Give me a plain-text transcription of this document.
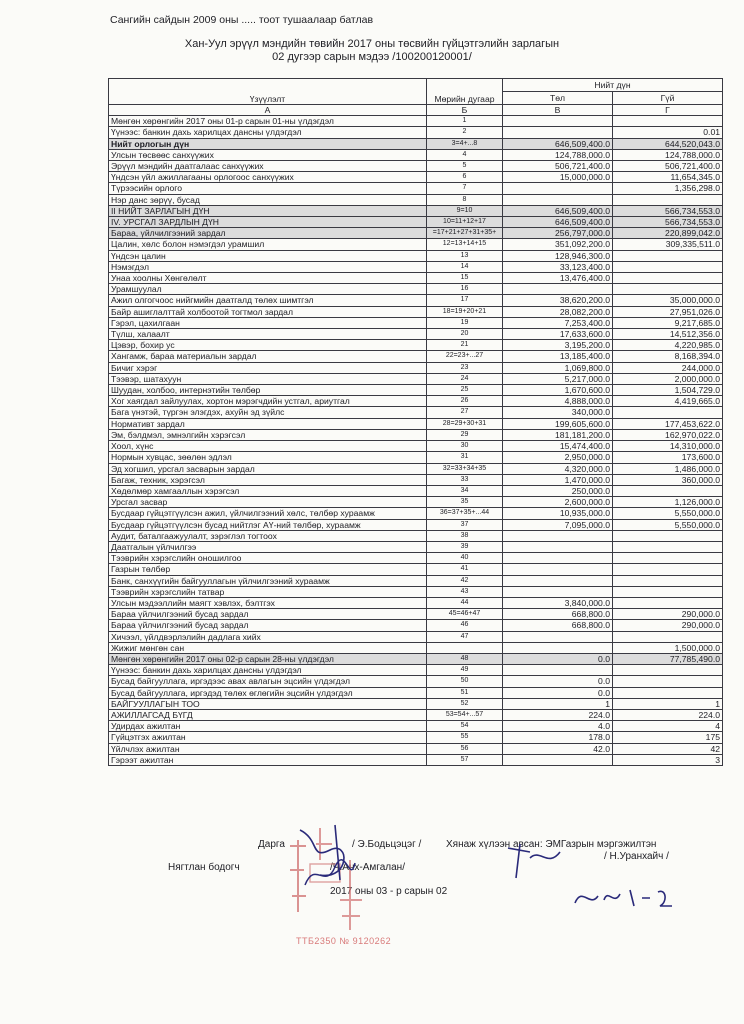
Сангийн сайдын 2009 оны ..... тоот тушаалаар батлав
Хан-Уул эрүүл мэндийн төвийн 2017 оны төсвийн гүйцэтгэлийн зарлагын
02 дугээр сарын мэдээ /100200120001/
Үзүүлэлт	Мөрийн дугаар	Нийт дүн	
		Төл	Гүй
А	Б	В	Г
Мөнгөн хөрөнгийн 2017 оны 01-р сарын 01-ны үлдэгдэл	1		
Үүнээс: банкин дахь харилцах дансны үлдэгдэл	2		0.01
Нийт орлогын дүн	3=4+...8	646,509,400.0	644,520,043.0
Улсын төсвөөс санхүүжих	4	124,788,000.0	124,788,000.0
Эрүүл мэндийн даатгалаас санхүүжих	5	506,721,400.0	506,721,400.0
Үндсэн үйл ажиллагааны орлогоос санхүүжих	6	15,000,000.0	11,654,345.0
Түрээсийн орлого	7		1,356,298.0
Нэр данс зөрүү, бусад	8		
II НИЙТ ЗАРЛАГЫН ДҮН	9=10	646,509,400.0	566,734,553.0
IV. УРСГАЛ ЗАРДЛЫН ДҮН	10=11+12+17	646,509,400.0	566,734,553.0
Бараа, үйлчилгээний зардал	=17+21+27+31+35+	256,797,000.0	220,899,042.0
Цалин, хөлс болон нэмэгдэл урамшил	12=13+14+15	351,092,200.0	309,335,511.0
Үндсэн цалин	13	128,946,300.0	
Нэмэгдэл	14	33,123,400.0	
Унаа хоолны Хөнгөлөлт	15	13,476,400.0	
Урамшуулал	16		
Ажил олгогчоос нийгмийн даатгалд төлөх шимтгэл	17	38,620,200.0	35,000,000.0
Байр ашиглалттай холбоотой тогтмол зардал	18=19+20+21	28,082,200.0	27,951,026.0
Гэрэл, цахилгаан	19	7,253,400.0	9,217,685.0
Түлш, халаалт	20	17,633,600.0	14,512,356.0
Цэвэр, бохир ус	21	3,195,200.0	4,220,985.0
Хангамж, бараа материалын зардал	22=23+...27	13,185,400.0	8,168,394.0
Бичиг хэрэг	23	1,069,800.0	244,000.0
Тээвэр, шатахуун	24	5,217,000.0	2,000,000.0
Шуудан, холбоо, интернэтийн төлбөр	25	1,670,600.0	1,504,729.0
Хог хаягдал зайлуулах, хортон мэрэгчдийн устгал, ариутгал	26	4,888,000.0	4,419,665.0
Бага үнэтэй, түргэн элэгдэх, ахуйн эд зүйлс	27	340,000.0	
Нормативт зардал	28=29+30+31	199,605,600.0	177,453,622.0
Эм, бэлдмэл, эмнэлгийн хэрэгсэл	29	181,181,200.0	162,970,022.0
Хоол, хүнс	30	15,474,400.0	14,310,000.0
Нормын хувцас, зөөлөн эдлэл	31	2,950,000.0	173,600.0
Эд хогшил, урсгал засварын зардал	32=33+34+35	4,320,000.0	1,486,000.0
Багаж, техник, хэрэгсэл	33	1,470,000.0	360,000.0
Хөдөлмөр хамгааллын хэрэгсэл	34	250,000.0	
Урсгал засвар	35	2,600,000.0	1,126,000.0
Бусдаар гүйцэтгүүлсэн ажил, үйлчилгээний хөлс, төлбөр хураамж	36=37+35+...44	10,935,000.0	5,550,000.0
Бусдаар гүйцэтгүүлсэн бусад нийтлэг АҮ-ний төлбөр, хураамж	37	7,095,000.0	5,550,000.0
Аудит, баталгаажуулалт, зэрэглэл тогтоох	38		
Даатгалын үйлчилгээ	39		
Тээврийн хэрэгслийн оношилгоо	40		
Газрын төлбөр	41		
Банк, санхүүгийн байгууллагын үйлчилгээний хураамж	42		
Тээврийн хэрэгслийн татвар	43		
Улсын мэдээллийн маягт хэвлэх, бэлтгэх	44	3,840,000.0	
Бараа үйлчилгээний бусад зардал	45=46+47	668,800.0	290,000.0
Бараа үйлчилгээний бусад зардал	46	668,800.0	290,000.0
Хичээл, үйлдвэрлэлийн дадлага хийх	47		
Жижиг мөнгөн сан			1,500,000.0
Мөнгөн хөрөнгийн 2017 оны 02-р сарын 28-ны үлдэгдэл	48	0.0	77,785,490.0
Үүнээс: банкин дахь харилцах дансны үлдэгдэл	49		
Бусад байгууллага, иргэдээс авах авлагын эцсийн үлдэгдэл	50	0.0	
Бусад байгууллага, иргэдэд төлөх өглөгийн эцсийн үлдэгдэл	51	0.0	
БАЙГУУЛЛАГЫН ТОО	52	1	1
АЖИЛЛАГСАД БҮГД	53=54+...57	224.0	224.0
Удирдах ажилтан	54	4.0	4
Гүйцэтгэх ажилтан	55	178.0	175
Үйлчлэх ажилтан	56	42.0	42
Гэрээт ажилтан	57		3
Дарга	/ Э.Бодьцэцэг / Хянаж хүлээн авсан: ЭМГазрын мэргэжилтэн
/ Н.Уранхайч /
Нягтлан бодогч	/Ч.Анх-Амгалан/
2017 оны 03 - р сарын 02
ТТБ2350 № 9120262
